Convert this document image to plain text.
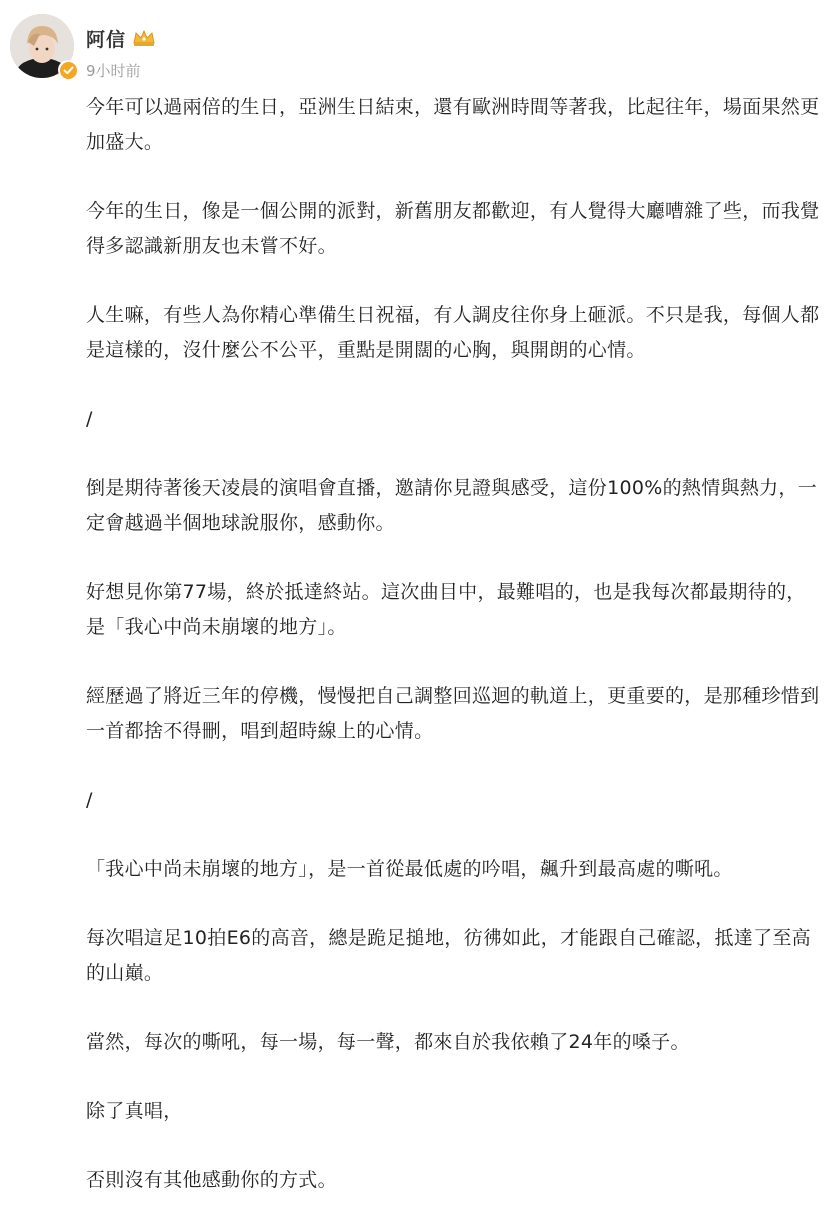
阿信
9小时前

今年可以過兩倍的生日，亞洲生日結束，還有歐洲時間等著我，比起往年，場面果然更加盛大。

今年的生日，像是一個公開的派對，新舊朋友都歡迎，有人覺得大廳嘈雜了些，而我覺得多認識新朋友也未嘗不好。

人生嘛，有些人為你精心準備生日祝福，有人調皮往你身上砸派。不只是我，每個人都是這樣的，沒什麼公不公平，重點是開闊的心胸，與開朗的心情。

/

倒是期待著後天凌晨的演唱會直播，邀請你見證與感受，這份100%的熱情與熱力，一定會越過半個地球說服你，感動你。

好想見你第77場，終於抵達終站。這次曲目中，最難唱的，也是我每次都最期待的，是「我心中尚未崩壞的地方」。

經歷過了將近三年的停機，慢慢把自己調整回巡迴的軌道上，更重要的，是那種珍惜到一首都捨不得刪，唱到超時線上的心情。

/

「我心中尚未崩壞的地方」，是一首從最低處的吟唱，飆升到最高處的嘶吼。

每次唱這足10拍E6的高音，總是跪足搥地，彷彿如此，才能跟自己確認，抵達了至高的山巔。

當然，每次的嘶吼，每一場，每一聲，都來自於我依賴了24年的嗓子。

除了真唱，

否則沒有其他感動你的方式。
